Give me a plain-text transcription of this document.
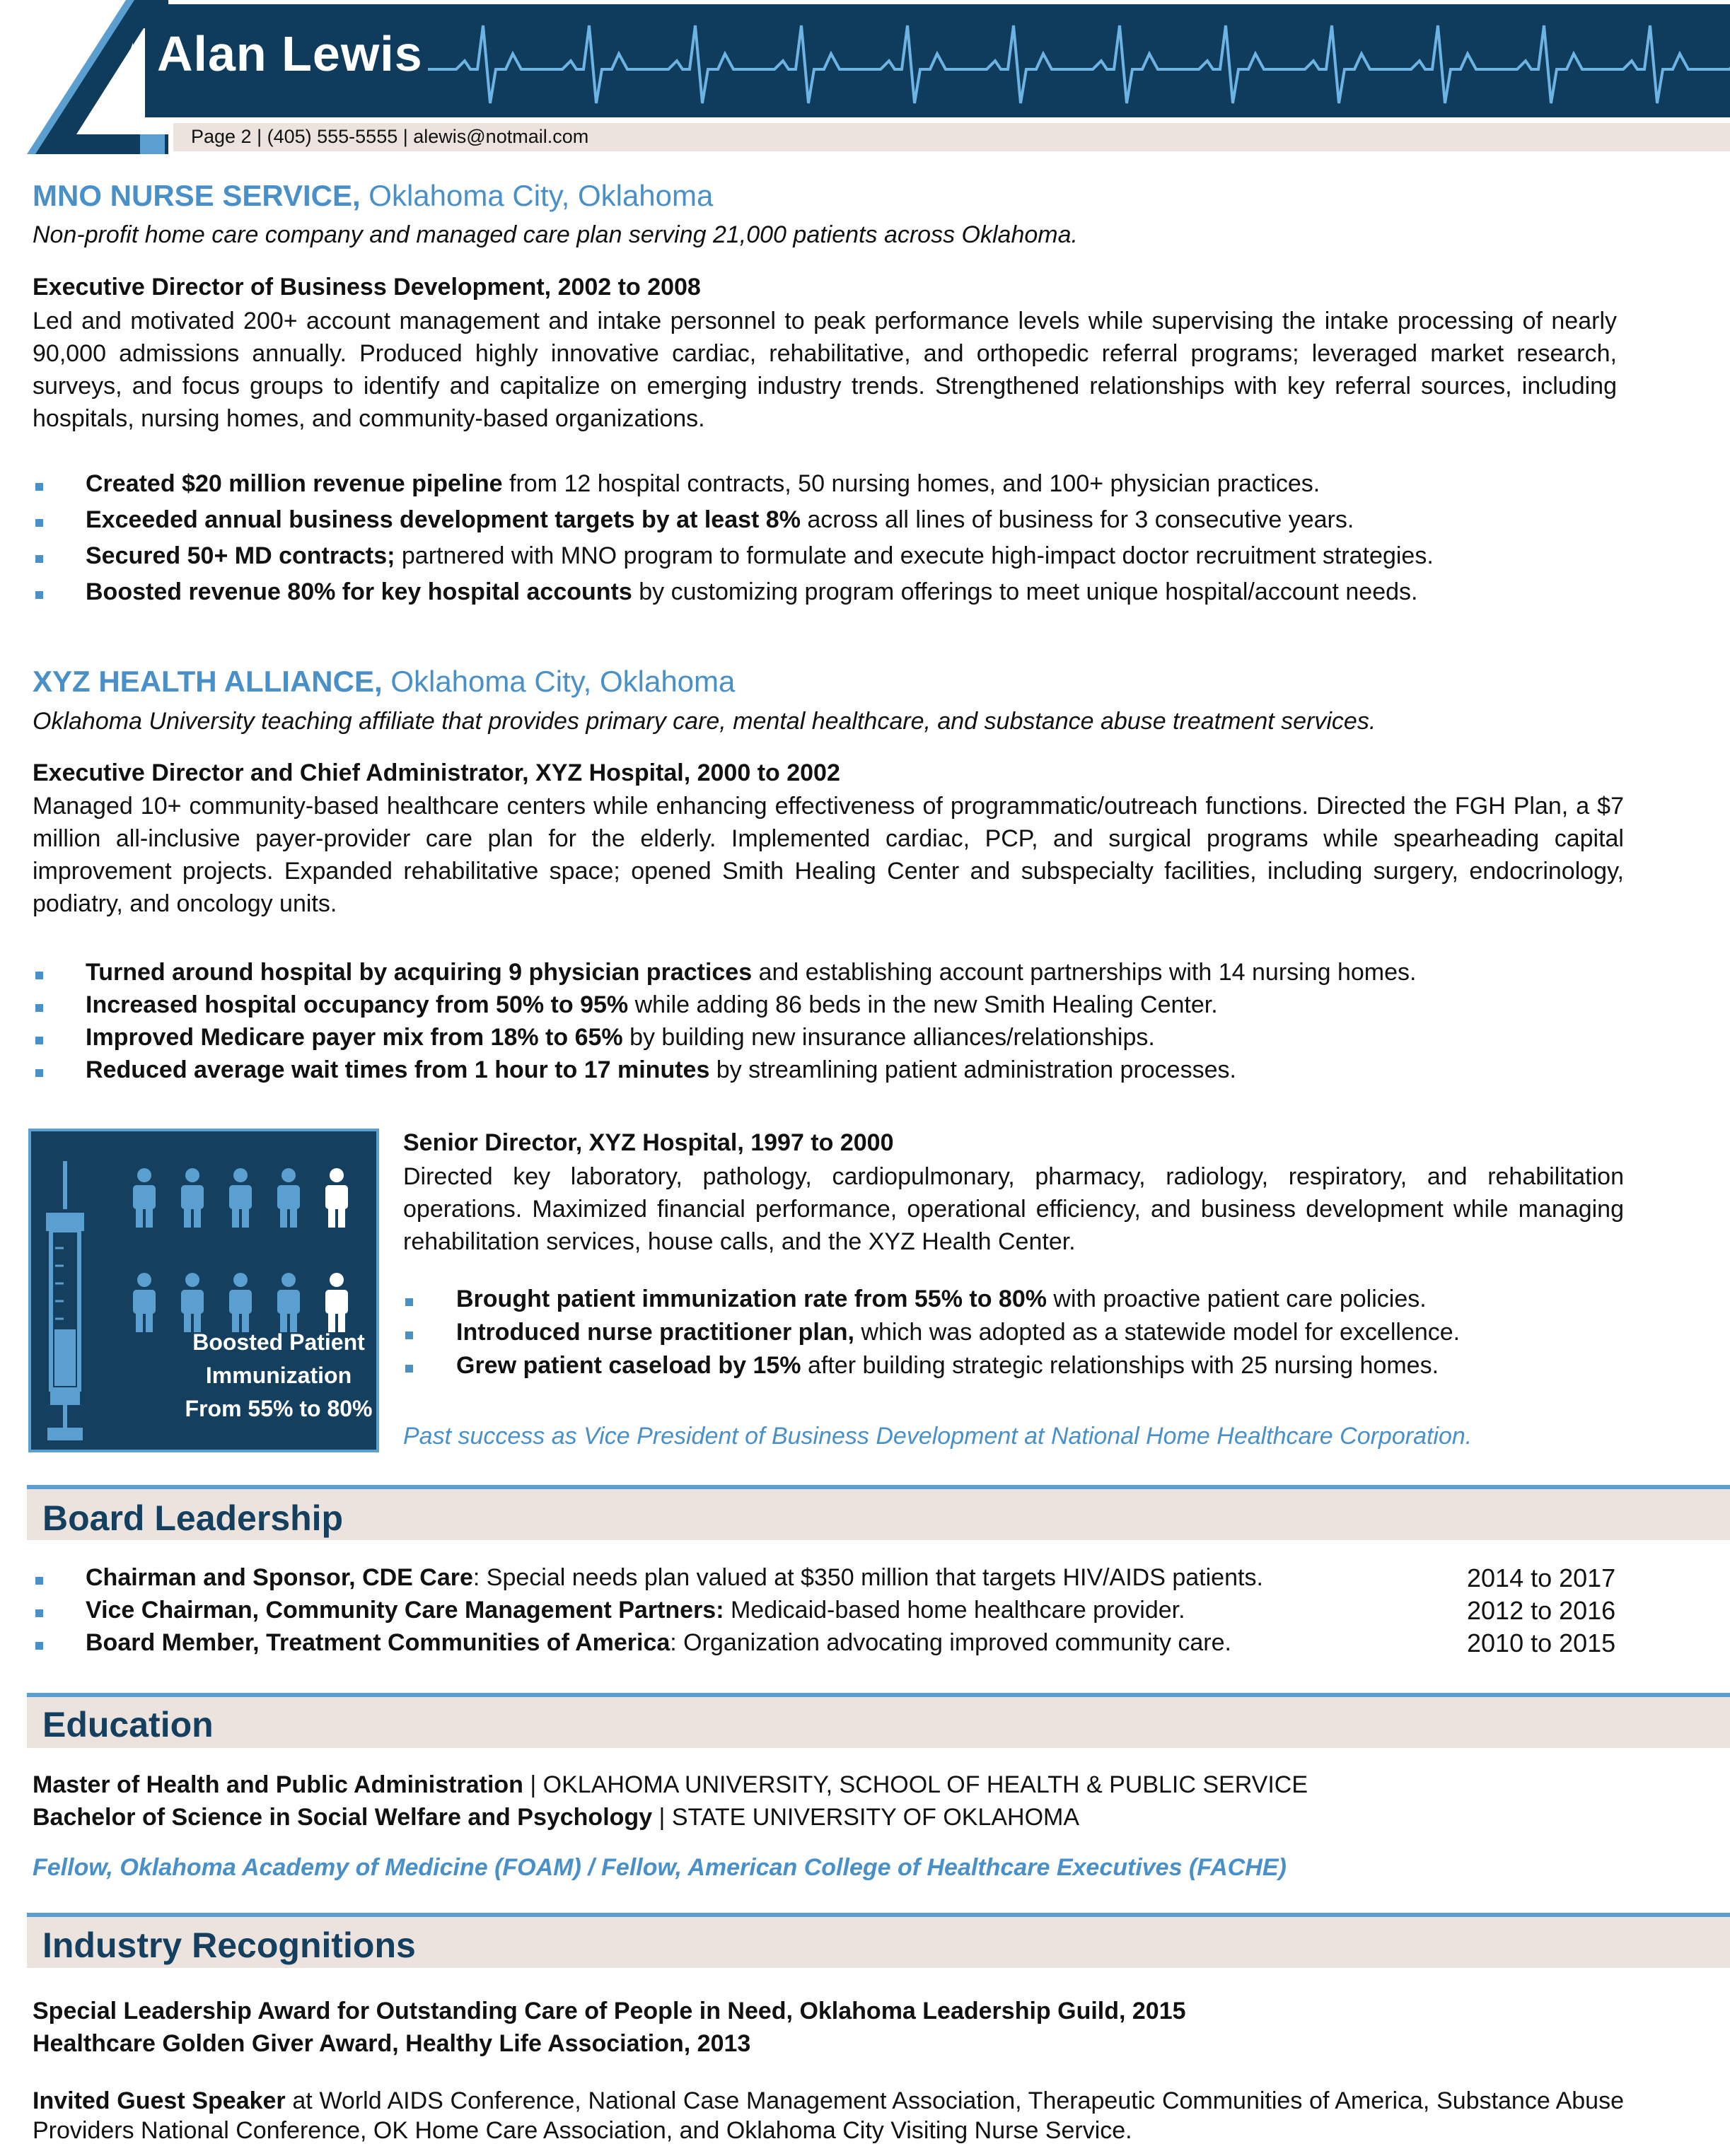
Alan Lewis
Page 2 | (405) 555-5555 | alewis@notmail.com
MNO NURSE SERVICE, Oklahoma City, Oklahoma
Non-profit home care company and managed care plan serving 21,000 patients across Oklahoma.
Executive Director of Business Development, 2002 to 2008
Led and motivated 200+ account management and intake personnel to peak performance levels while supervising the intake processing of nearly 90,000 admissions annually. Produced highly innovative cardiac, rehabilitative, and orthopedic referral programs; leveraged market research, surveys, and focus groups to identify and capitalize on emerging industry trends. Strengthened relationships with key referral sources, including hospitals, nursing homes, and community-based organizations.
Created $20 million revenue pipeline from 12 hospital contracts, 50 nursing homes, and 100+ physician practices.
Exceeded annual business development targets by at least 8% across all lines of business for 3 consecutive years.
Secured 50+ MD contracts; partnered with MNO program to formulate and execute high-impact doctor recruitment strategies.
Boosted revenue 80% for key hospital accounts by customizing program offerings to meet unique hospital/account needs.
XYZ HEALTH ALLIANCE, Oklahoma City, Oklahoma
Oklahoma University teaching affiliate that provides primary care, mental healthcare, and substance abuse treatment services.
Executive Director and Chief Administrator, XYZ Hospital, 2000 to 2002
Managed 10+ community-based healthcare centers while enhancing effectiveness of programmatic/outreach functions. Directed the FGH Plan, a $7 million all-inclusive payer-provider care plan for the elderly. Implemented cardiac, PCP, and surgical programs while spearheading capital improvement projects. Expanded rehabilitative space; opened Smith Healing Center and subspecialty facilities, including surgery, endocrinology, podiatry, and oncology units.
Turned around hospital by acquiring 9 physician practices and establishing account partnerships with 14 nursing homes.
Increased hospital occupancy from 50% to 95% while adding 86 beds in the new Smith Healing Center.
Improved Medicare payer mix from 18% to 65% by building new insurance alliances/relationships.
Reduced average wait times from 1 hour to 17 minutes by streamlining patient administration processes.
Boosted Patient
Immunization
From 55% to 80%
Senior Director, XYZ Hospital, 1997 to 2000
Directed key laboratory, pathology, cardiopulmonary, pharmacy, radiology, respiratory, and rehabilitation operations. Maximized financial performance, operational efficiency, and business development while managing rehabilitation services, house calls, and the XYZ Health Center.
Brought patient immunization rate from 55% to 80% with proactive patient care policies.
Introduced nurse practitioner plan, which was adopted as a statewide model for excellence.
Grew patient caseload by 15% after building strategic relationships with 25 nursing homes.
Past success as Vice President of Business Development at National Home Healthcare Corporation.
Board Leadership
Chairman and Sponsor, CDE Care: Special needs plan valued at $350 million that targets HIV/AIDS patients.	2014 to 2017
Vice Chairman, Community Care Management Partners: Medicaid-based home healthcare provider.	2012 to 2016
Board Member, Treatment Communities of America: Organization advocating improved community care.	2010 to 2015
Education
Master of Health and Public Administration | OKLAHOMA UNIVERSITY, SCHOOL OF HEALTH & PUBLIC SERVICE
Bachelor of Science in Social Welfare and Psychology | STATE UNIVERSITY OF OKLAHOMA
Fellow, Oklahoma Academy of Medicine (FOAM) / Fellow, American College of Healthcare Executives (FACHE)
Industry Recognitions
Special Leadership Award for Outstanding Care of People in Need, Oklahoma Leadership Guild, 2015
Healthcare Golden Giver Award, Healthy Life Association, 2013
Invited Guest Speaker at World AIDS Conference, National Case Management Association, Therapeutic Communities of America, Substance Abuse Providers National Conference, OK Home Care Association, and Oklahoma City Visiting Nurse Service.
